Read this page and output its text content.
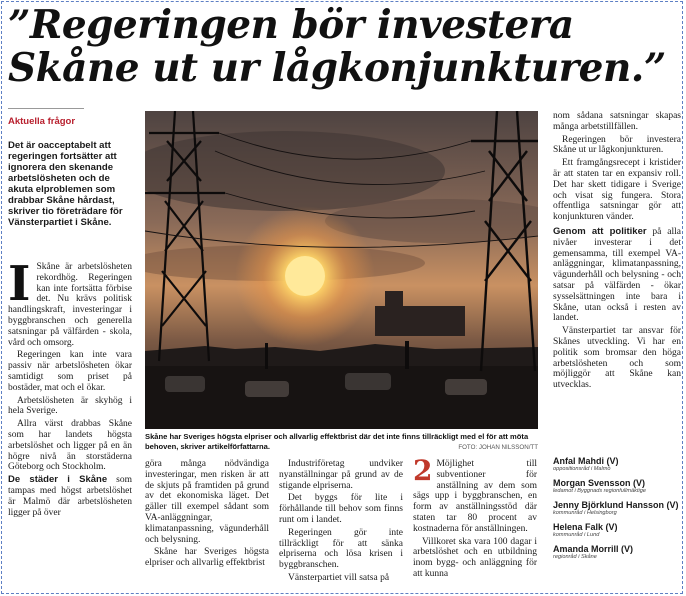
”Regeringen bör investera Skåne ut ur lågkonjunkturen.”
Aktuella frågor
Det är oacceptabelt att regeringen fortsätter att ignorera den skenande arbetslösheten och de akuta elproblemen som drabbar Skåne hårdast, skriver tio företrädare för Vänsterpartiet i Skåne.

I Skåne är arbetslösheten rekordhög. Regeringen kan inte fortsätta förbise det. Nu krävs politisk handlingskraft, investeringar i byggbranschen och generella satsningar på välfärden - skola, vård och omsorg.

Regeringen kan inte vara passiv när arbetslösheten ökar samtidigt som priset på bostäder, mat och el ökar.

Arbetslösheten är skyhög i hela Sverige.

Allra värst drabbas Skåne som har landets högsta arbetslöshet och ligger på en än högre nivå än storstäderna Göteborg och Stockholm.

De städer i Skåne som tampas med högst arbetslöshet är Malmö där arbetslösheten ligger på över

Skåne har Sveriges högsta elpriser och allvarlig effektbrist där det inte finns tillräckligt med el för att möta behoven, skriver artikelförfattarna.	FOTO: JOHAN NILSSON/TT

göra många nödvändiga investeringar, men risken är att de skjuts på framtiden på grund av det ekonomiska läget. Det gäller till exempel sådant som VA-anläggningar, klimatanpassning, vägunderhåll och belysning.

Skåne har Sveriges högsta elpriser och allvarlig effektbrist

Industriföretag undviker nyanställningar på grund av de stigande elpriserna.

Det byggs för lite i förhållande till behov som finns runt om i landet.

Regeringen gör inte tillräckligt för att sänka elpriserna och lösa krisen i byggbranschen.

Vänsterpartiet vill satsa på

2 Möjlighet till subventioner för anställning av dem som sägs upp i byggbranschen, en form av anställningsstöd där staten tar 80 procent av kostnaderna för anställningen.

Villkoret ska vara 100 dagar i arbetslöshet och en utbildning inom bygg- och anläggning för att kunna

nom sådana satsningar skapas många arbetstillfällen.

Regeringen bör investera Skåne ut ur lågkonjunkturen.

Ett framgångsrecept i kristider är att staten tar en expansiv roll. Det har skett tidigare i Sverige och visat sig fungera. Stora offentliga satsningar gör att konjunkturen vänder.

Genom att politiker på alla nivåer investerar i det gemensamma, till exempel VA-anläggningar, klimatanpassning, vägunderhåll och belysning - och satsar på välfärden - ökar sysselsättningen inte bara i Skåne, utan också i resten av landet.

Vänsterpartiet tar ansvar för Skånes utveckling. Vi har en politik som bromsar den höga arbetslösheten och som möjliggör att Skåne kan utvecklas.

Anfal Mahdi (V)
oppositionsråd i Malmö
Morgan Svensson (V)
ledamot i Byggnads regionfullmäktige
Jenny Björklund Hansson (V)
kommunråd i Helsingborg
Helena Falk (V)
kommunråd i Lund
Amanda Morrill (V)
regionråd i Skåne
